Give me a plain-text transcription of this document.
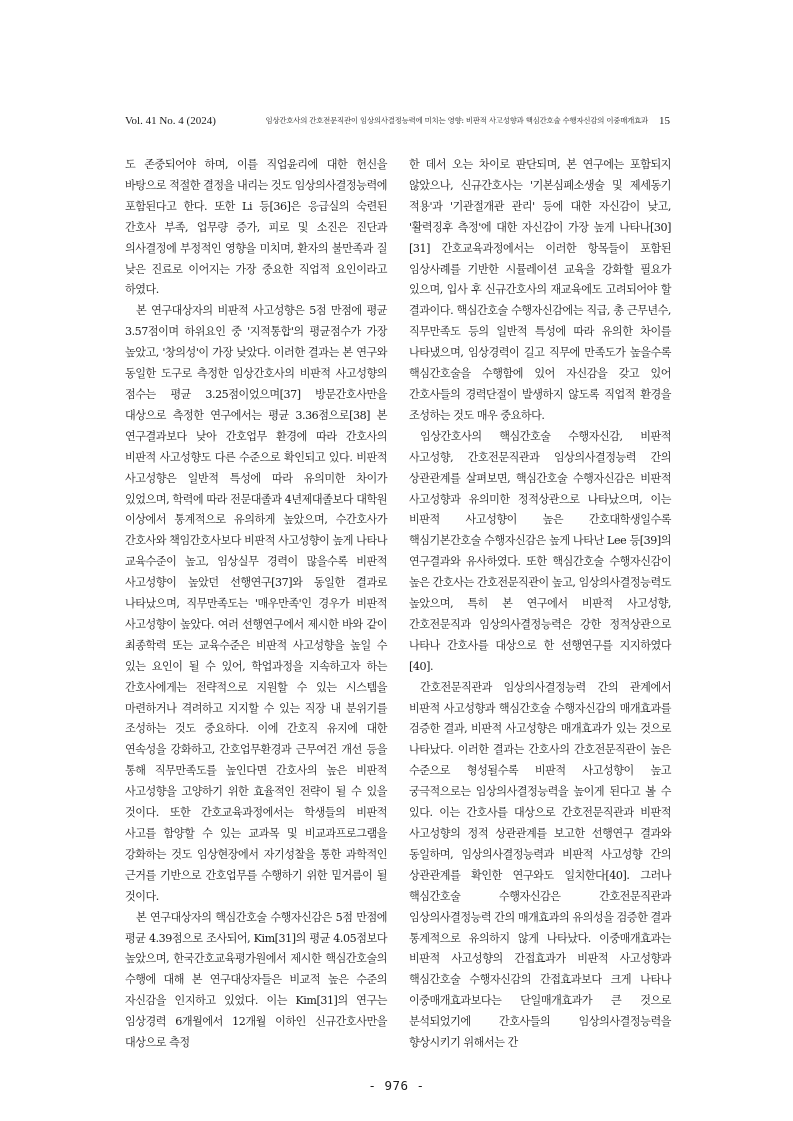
Vol. 41 No. 4 (2024)	임상간호사의 간호전문직관이 임상의사결정능력에 미치는 영향: 비판적 사고성향과 핵심간호술 수행자신감의 이중매개효과 15

도 존중되어야 하며, 이를 직업윤리에 대한 헌신을 바탕으로 적절한 결정을 내리는 것도 임상의사결정능력에 포함된다고 한다. 또한 Li 등[36]은 응급실의 숙련된 간호사 부족, 업무량 증가, 피로 및 소진은 진단과 의사결정에 부정적인 영향을 미치며, 환자의 불만족과 질 낮은 진료로 이어지는 가장 중요한 직업적 요인이라고 하였다.

본 연구대상자의 비판적 사고성향은 5점 만점에 평균 3.57점이며 하위요인 중 '지적통합'의 평균점수가 가장 높았고, '창의성'이 가장 낮았다. 이러한 결과는 본 연구와 동일한 도구로 측정한 임상간호사의 비판적 사고성향의 점수는 평균 3.25점이었으며[37] 방문간호사만을 대상으로 측정한 연구에서는 평균 3.36점으로[38] 본 연구결과보다 낮아 간호업무 환경에 따라 간호사의 비판적 사고성향도 다른 수준으로 확인되고 있다. 비판적 사고성향은 일반적 특성에 따라 유의미한 차이가 있었으며, 학력에 따라 전문대졸과 4년제대졸보다 대학원 이상에서 통계적으로 유의하게 높았으며, 수간호사가 간호사와 책임간호사보다 비판적 사고성향이 높게 나타나 교육수준이 높고, 임상실무 경력이 많을수록 비판적 사고성향이 높았던 선행연구[37]와 동일한 결과로 나타났으며, 직무만족도는 '매우만족'인 경우가 비판적 사고성향이 높았다. 여러 선행연구에서 제시한 바와 같이 최종학력 또는 교육수준은 비판적 사고성향을 높일 수 있는 요인이 될 수 있어, 학업과정을 지속하고자 하는 간호사에게는 전략적으로 지원할 수 있는 시스템을 마련하거나 격려하고 지지할 수 있는 직장 내 분위기를 조성하는 것도 중요하다. 이에 간호직 유지에 대한 연속성을 강화하고, 간호업무환경과 근무여건 개선 등을 통해 직무만족도를 높인다면 간호사의 높은 비판적 사고성향을 고양하기 위한 효율적인 전략이 될 수 있을 것이다. 또한 간호교육과정에서는 학생들의 비판적 사고를 함양할 수 있는 교과목 및 비교과프로그램을 강화하는 것도 임상현장에서 자기성찰을 통한 과학적인 근거를 기반으로 간호업무를 수행하기 위한 밑거름이 될 것이다.

본 연구대상자의 핵심간호술 수행자신감은 5점 만점에 평균 4.39점으로 조사되어, Kim[31]의 평균 4.05점보다 높았으며, 한국간호교육평가원에서 제시한 핵심간호술의 수행에 대해 본 연구대상자들은 비교적 높은 수준의 자신감을 인지하고 있었다. 이는 Kim[31]의 연구는 임상경력 6개월에서 12개월 이하인 신규간호사만을 대상으로 측정

한 데서 오는 차이로 판단되며, 본 연구에는 포함되지 않았으나, 신규간호사는 '기본심폐소생술 및 제세동기 적용'과 '기관절개관 관리' 등에 대한 자신감이 낮고, '활력징후 측정'에 대한 자신감이 가장 높게 나타나[30][31] 간호교육과정에서는 이러한 항목들이 포함된 임상사례를 기반한 시뮬레이션 교육을 강화할 필요가 있으며, 입사 후 신규간호사의 재교육에도 고려되어야 할 결과이다. 핵심간호술 수행자신감에는 직급, 총 근무년수, 직무만족도 등의 일반적 특성에 따라 유의한 차이를 나타냈으며, 임상경력이 길고 직무에 만족도가 높을수록 핵심간호술을 수행함에 있어 자신감을 갖고 있어 간호사들의 경력단절이 발생하지 않도록 직업적 환경을 조성하는 것도 매우 중요하다.

임상간호사의 핵심간호술 수행자신감, 비판적 사고성향, 간호전문직관과 임상의사결정능력 간의 상관관계를 살펴보면, 핵심간호술 수행자신감은 비판적 사고성향과 유의미한 정적상관으로 나타났으며, 이는 비판적 사고성향이 높은 간호대학생일수록 핵심기본간호술 수행자신감은 높게 나타난 Lee 등[39]의 연구결과와 유사하였다. 또한 핵심간호술 수행자신감이 높은 간호사는 간호전문직관이 높고, 임상의사결정능력도 높았으며, 특히 본 연구에서 비판적 사고성향, 간호전문직과 임상의사결정능력은 강한 정적상관으로 나타나 간호사를 대상으로 한 선행연구를 지지하였다[40].

간호전문직관과 임상의사결정능력 간의 관계에서 비판적 사고성향과 핵심간호술 수행자신감의 매개효과를 검증한 결과, 비판적 사고성향은 매개효과가 있는 것으로 나타났다. 이러한 결과는 간호사의 간호전문직관이 높은 수준으로 형성될수록 비판적 사고성향이 높고 궁극적으로는 임상의사결정능력을 높이게 된다고 볼 수 있다. 이는 간호사를 대상으로 간호전문직관과 비판적 사고성향의 정적 상관관계를 보고한 선행연구 결과와 동일하며, 임상의사결정능력과 비판적 사고성향 간의 상관관계를 확인한 연구와도 일치한다[40]. 그러나 핵심간호술 수행자신감은 간호전문직관과 임상의사결정능력 간의 매개효과의 유의성을 검증한 결과 통계적으로 유의하지 않게 나타났다. 이중매개효과는 비판적 사고성향의 간접효과가 비판적 사고성향과 핵심간호술 수행자신감의 간접효과보다 크게 나타나 이중매개효과보다는 단일매개효과가 큰 것으로 분석되었기에 간호사들의 임상의사결정능력을 향상시키기 위해서는 간

- 976 -
